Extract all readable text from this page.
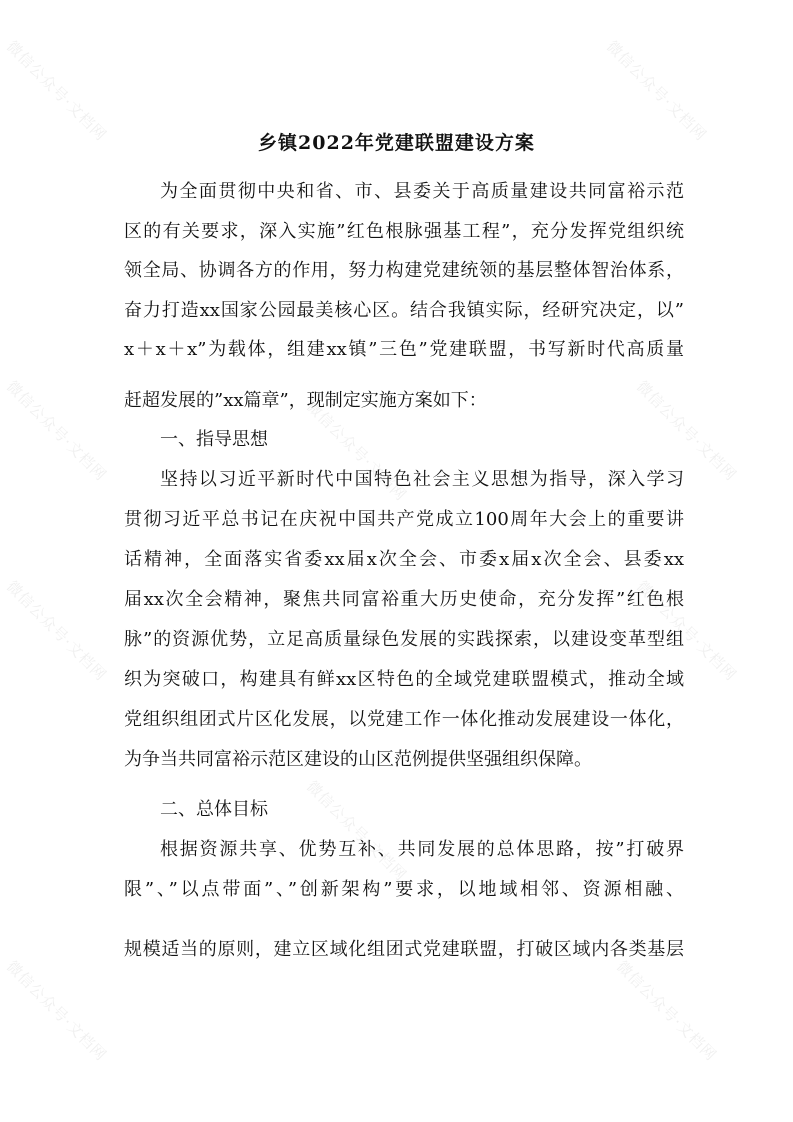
微信公众号·文档网	微信公众号·文档网
微信公众号·文档网
微信公众号·文档网	微信公众号·文档网
微信公众号·文档网	微信公众号·文档网
微信公众号·文档网
微信公众号·文档网	微信公众号·文档网
乡镇2022年党建联盟建设方案
为全面贯彻中央和省、市、县委关于高质量建设共同富裕示范
区的有关要求，深入实施”红色根脉强基工程”，充分发挥党组织统
领全局、协调各方的作用，努力构建党建统领的基层整体智治体系，
奋力打造xx国家公园最美核心区。结合我镇实际，经研究决定，以”
x＋x＋x”为载体，组建xx镇”三色”党建联盟，书写新时代高质量
赶超发展的”xx篇章”，现制定实施方案如下：
一、指导思想
坚持以习近平新时代中国特色社会主义思想为指导，深入学习
贯彻习近平总书记在庆祝中国共产党成立100周年大会上的重要讲
话精神，全面落实省委xx届x次全会、市委x届x次全会、县委xx
届xx次全会精神，聚焦共同富裕重大历史使命，充分发挥”红色根
脉”的资源优势，立足高质量绿色发展的实践探索，以建设变革型组
织为突破口，构建具有鲜xx区特色的全域党建联盟模式，推动全域
党组织组团式片区化发展，以党建工作一体化推动发展建设一体化，
为争当共同富裕示范区建设的山区范例提供坚强组织保障。
二、总体目标
根据资源共享、优势互补、共同发展的总体思路，按”打破界
限”、”以点带面”、”创新架构”要求，以地域相邻、资源相融、
规模适当的原则，建立区域化组团式党建联盟，打破区域内各类基层
